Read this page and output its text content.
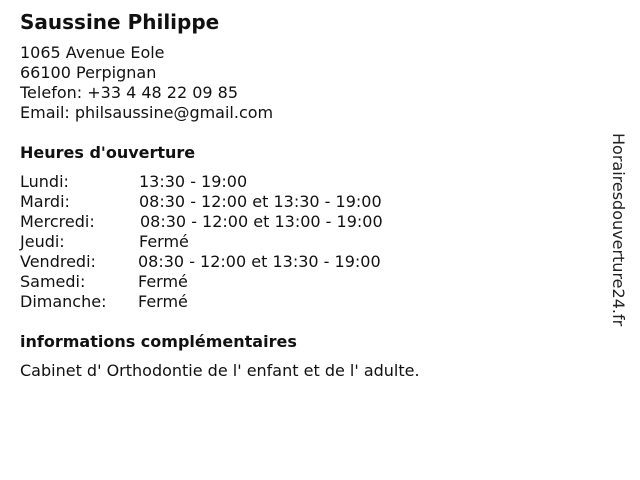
Saussine Philippe
1065 Avenue Eole
66100 Perpignan
Telefon: +33 4 48 22 09 85
Email: philsaussine@gmail.com
Heures d'ouverture
Lundi:	13:30 - 19:00
Mardi:	08:30 - 12:00 et 13:30 - 19:00
Mercredi:	08:30 - 12:00 et 13:00 - 19:00
Jeudi:	Fermé
Vendredi:	08:30 - 12:00 et 13:30 - 19:00
Samedi:	Fermé
Dimanche: Fermé
informations complémentaires
Cabinet d' Orthodontie de l' enfant et de l' adulte.
Horairesdouverture24.fr
